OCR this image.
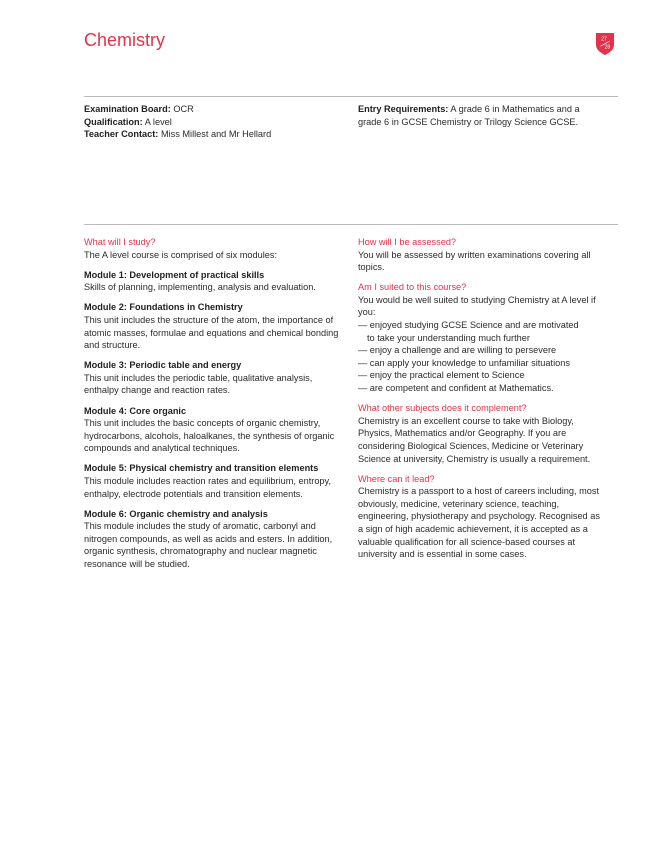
Chemistry	27
28

Examination Board: OCR

Qualification: A level

Teacher Contact: Miss Millest and Mr Hellard

Entry Requirements: A grade 6 in Mathematics and a grade 6 in GCSE Chemistry or Trilogy Science GCSE.

What will I study?

The A level course is comprised of six modules:

Module 1: Development of practical skills

Skills of planning, implementing, analysis and evaluation.

Module 2: Foundations in Chemistry

This unit includes the structure of the atom, the importance of atomic masses, formulae and equations and chemical bonding and structure.

Module 3: Periodic table and energy

This unit includes the periodic table, qualitative analysis, enthalpy change and reaction rates.

Module 4: Core organic

This unit includes the basic concepts of organic chemistry, hydrocarbons, alcohols, haloalkanes, the synthesis of organic compounds and analytical techniques.

Module 5: Physical chemistry and transition elements

This module includes reaction rates and equilibrium, entropy, enthalpy, electrode potentials and transition elements.

Module 6: Organic chemistry and analysis

This module includes the study of aromatic, carbonyl and nitrogen compounds, as well as acids and esters. In addition, organic synthesis, chromatography and nuclear magnetic resonance will be studied.

How will I be assessed?

You will be assessed by written examinations covering all topics.

Am I suited to this course?

You would be well suited to studying Chemistry at A level if you:

— enjoyed studying GCSE Science and are motivated

to take your understanding much further

— enjoy a challenge and are willing to persevere

— can apply your knowledge to unfamiliar situations

— enjoy the practical element to Science

— are competent and confident at Mathematics.

What other subjects does it complement?

Chemistry is an excellent course to take with Biology, Physics, Mathematics and/or Geography. If you are considering Biological Sciences, Medicine or Veterinary Science at university, Chemistry is usually a requirement.

Where can it lead?

Chemistry is a passport to a host of careers including, most obviously, medicine, veterinary science, teaching, engineering, physiotherapy and psychology. Recognised as a sign of high academic achievement, it is accepted as a valuable qualification for all science-based courses at university and is essential in some cases.
